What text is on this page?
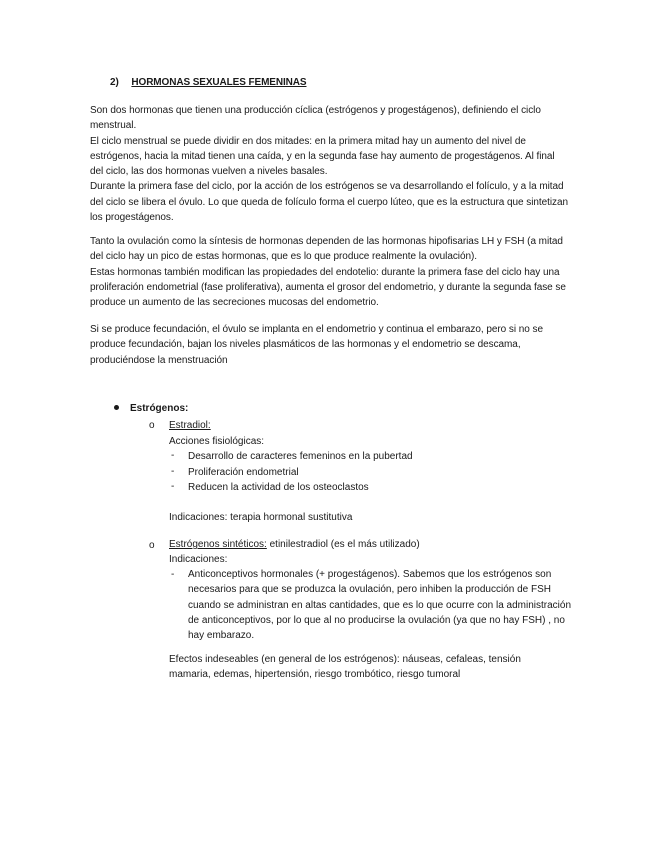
2) HORMONAS SEXUALES FEMENINAS

Son dos hormonas que tienen una producción cíclica (estrógenos y progestágenos), definiendo el ciclo menstrual.

El ciclo menstrual se puede dividir en dos mitades: en la primera mitad hay un aumento del nivel de estrógenos, hacia la mitad tienen una caída, y en la segunda fase hay aumento de progestágenos. Al final del ciclo, las dos hormonas vuelven a niveles basales.

Durante la primera fase del ciclo, por la acción de los estrógenos se va desarrollando el folículo, y a la mitad del ciclo se libera el óvulo. Lo que queda de folículo forma el cuerpo lúteo, que es la estructura que sintetizan los progestágenos.

Tanto la ovulación como la síntesis de hormonas dependen de las hormonas hipofisarias LH y FSH (a mitad del ciclo hay un pico de estas hormonas, que es lo que produce realmente la ovulación).

Estas hormonas también modifican las propiedades del endotelio: durante la primera fase del ciclo hay una proliferación endometrial (fase proliferativa), aumenta el grosor del endometrio, y durante la segunda fase se produce un aumento de las secreciones mucosas del endometrio.

Si se produce fecundación, el óvulo se implanta en el endometrio y continua el embarazo, pero si no se produce fecundación, bajan los niveles plasmáticos de las hormonas y el endometrio se descama, produciéndose la menstruación

Estrógenos:
o Estradiol:
Acciones fisiológicas:
- Desarrollo de caracteres femeninos en la pubertad
- Proliferación endometrial
- Reducen la actividad de los osteoclastos
Indicaciones: terapia hormonal sustitutiva
o Estrógenos sintéticos: etinilestradiol (es el más utilizado)
Indicaciones:
- Anticonceptivos hormonales (+ progestágenos). Sabemos que los estrógenos son necesarios para que se produzca la ovulación, pero inhiben la producción de FSH cuando se administran en altas cantidades, que es lo que ocurre con la administración de anticonceptivos, por lo que al no producirse la ovulación (ya que no hay FSH) , no hay embarazo.
Efectos indeseables (en general de los estrógenos): náuseas, cefaleas, tensión mamaria, edemas, hipertensión, riesgo trombótico, riesgo tumoral
